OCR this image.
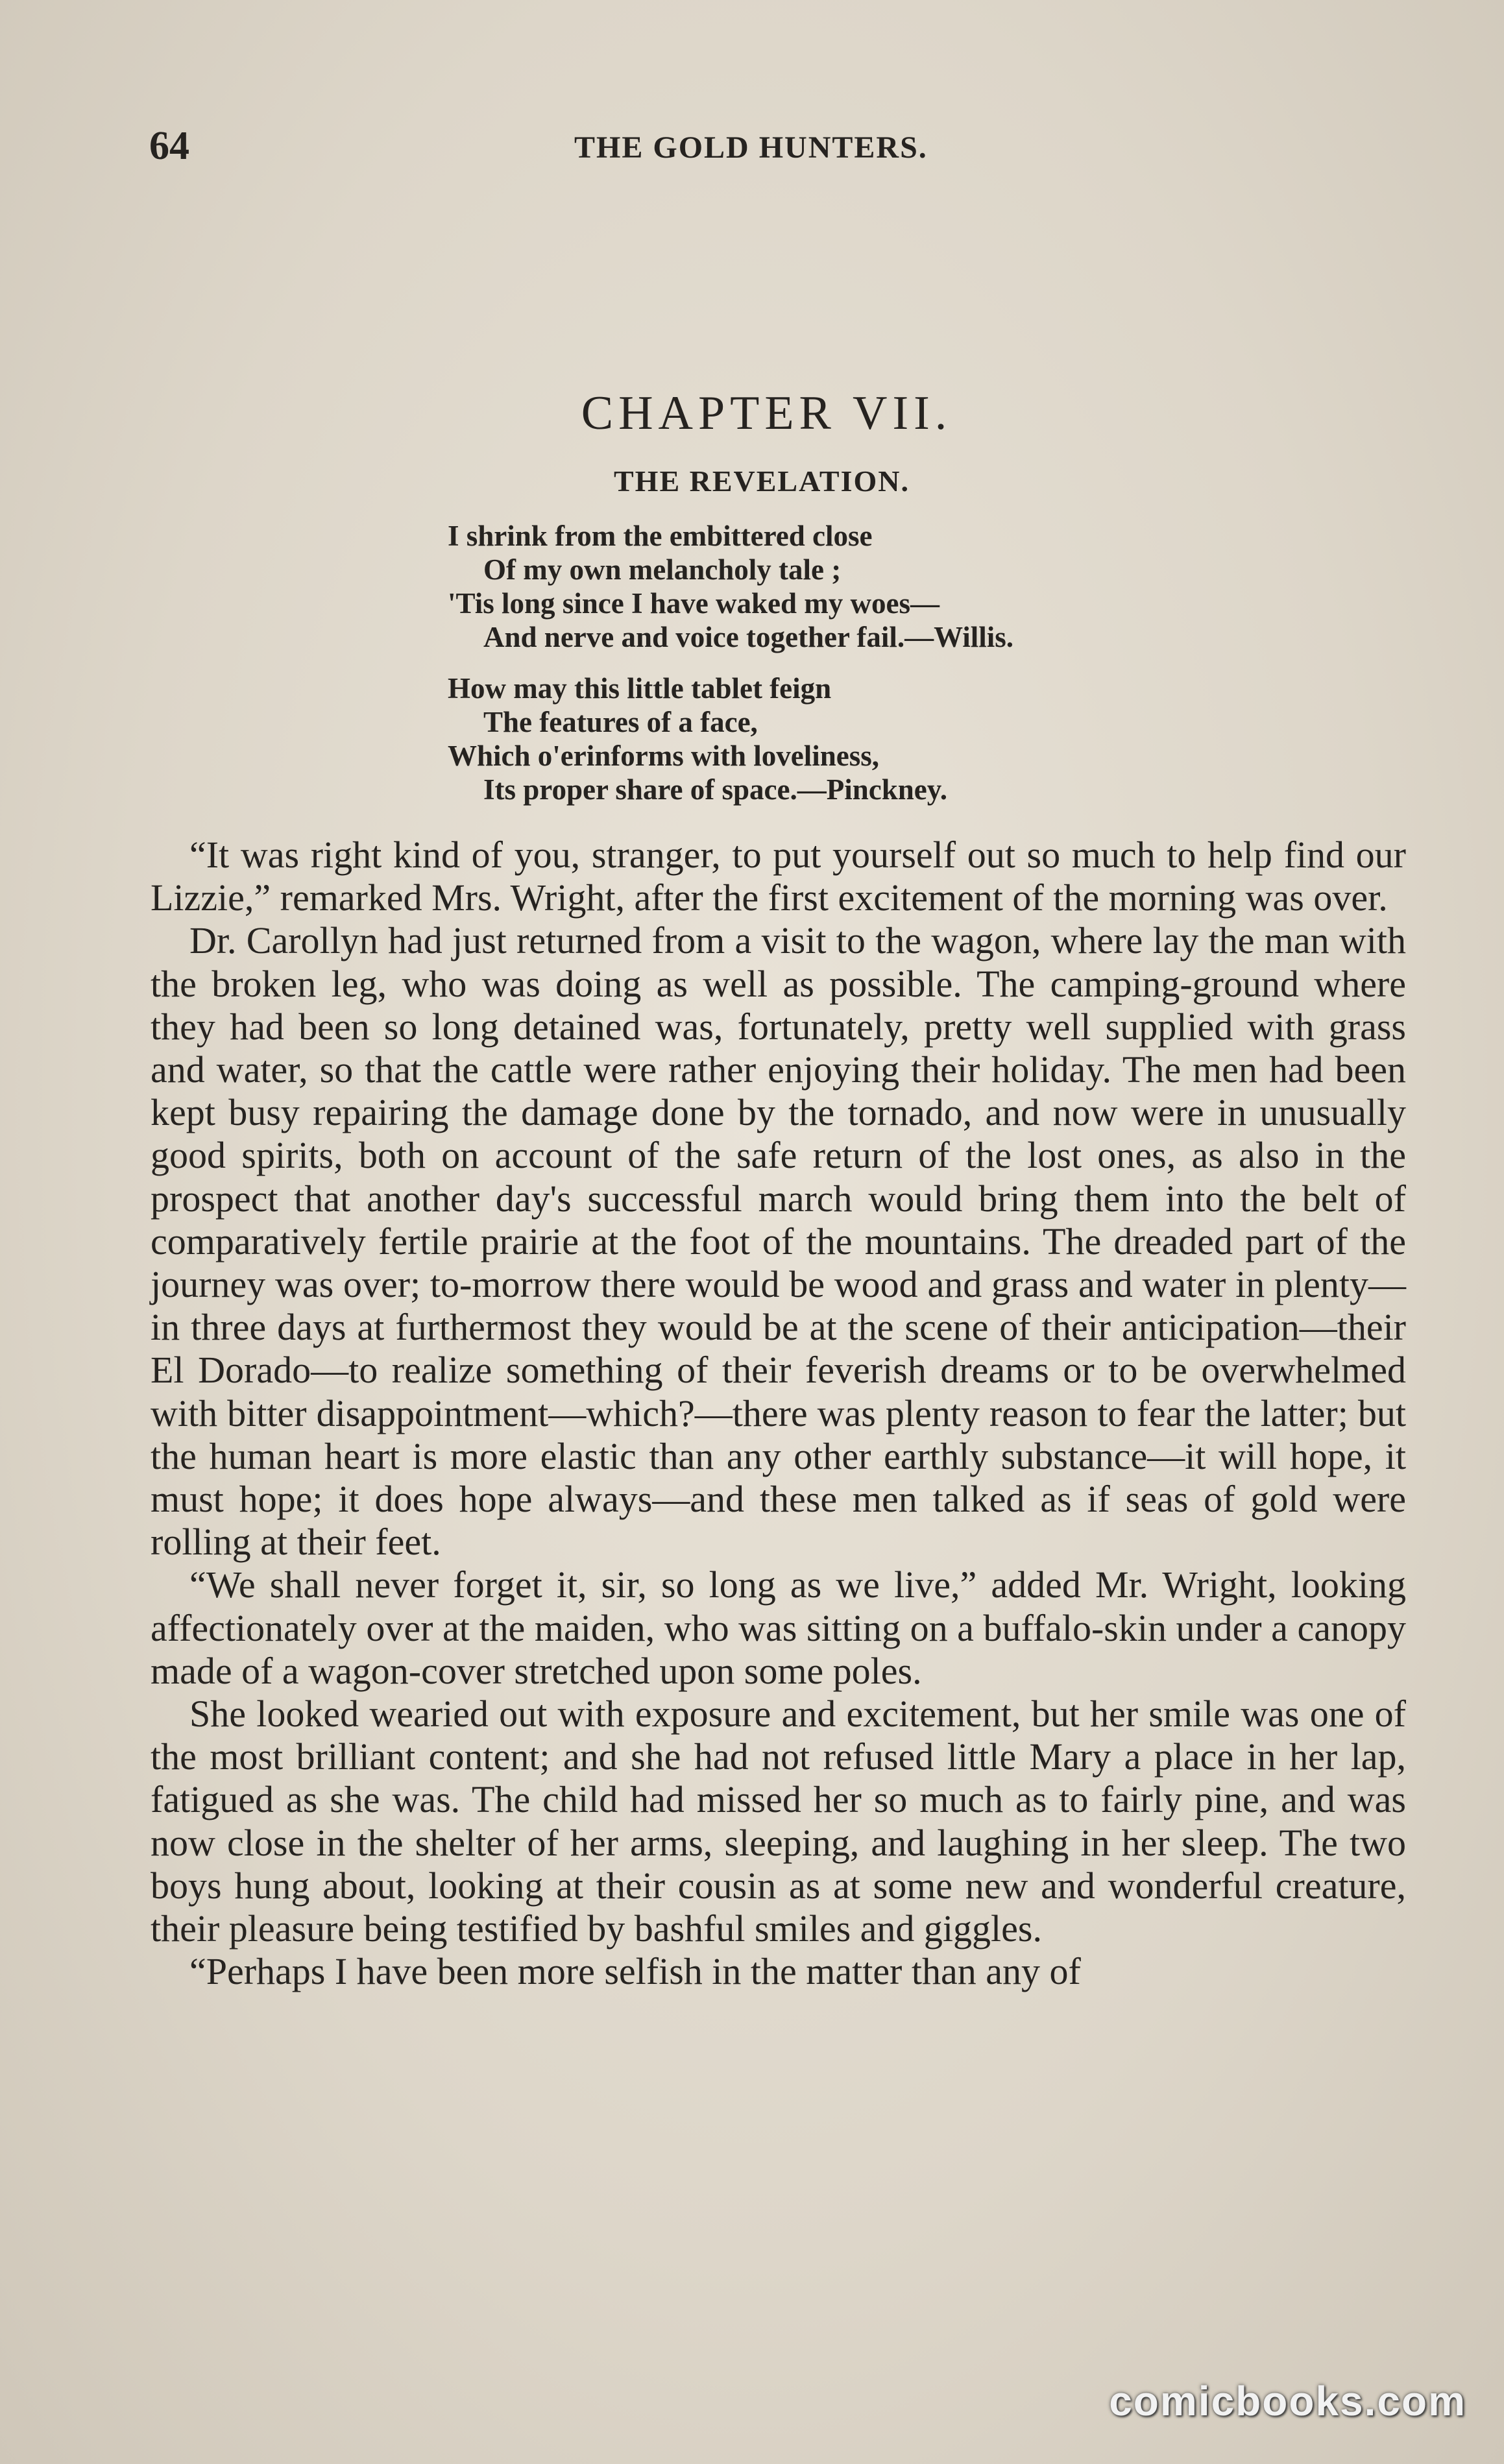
64	THE GOLD HUNTERS.
CHAPTER VII.
THE REVELATION.
I shrink from the embittered close
Of my own melancholy tale ;
'Tis long since I have waked my woes—
And nerve and voice together fail.—Willis.
How may this little tablet feign
The features of a face,
Which o'erinforms with loveliness,
Its proper share of space.—Pinckney.

“It was right kind of you, stranger, to put yourself out so much to help find our Lizzie,” remarked Mrs. Wright, after the first excitement of the morning was over.

Dr. Carollyn had just returned from a visit to the wagon, where lay the man with the broken leg, who was doing as well as possible. The camping-ground where they had been so long detained was, fortunately, pretty well supplied with grass and water, so that the cattle were rather enjoying their holiday. The men had been kept busy repairing the damage done by the tornado, and now were in unusually good spirits, both on account of the safe return of the lost ones, as also in the prospect that another day's successful march would bring them into the belt of comparatively fertile prairie at the foot of the mountains. The dreaded part of the journey was over; to-morrow there would be wood and grass and water in plenty—in three days at furthermost they would be at the scene of their anticipation—their El Dorado—to realize something of their feverish dreams or to be overwhelmed with bitter disappointment—which?—there was plenty reason to fear the latter; but the human heart is more elastic than any other earthly substance—it will hope, it must hope; it does hope always—and these men talked as if seas of gold were rolling at their feet.

“We shall never forget it, sir, so long as we live,” added Mr. Wright, looking affectionately over at the maiden, who was sitting on a buffalo-skin under a canopy made of a wagon-cover stretched upon some poles.

She looked wearied out with exposure and excitement, but her smile was one of the most brilliant content; and she had not refused little Mary a place in her lap, fatigued as she was. The child had missed her so much as to fairly pine, and was now close in the shelter of her arms, sleeping, and laughing in her sleep. The two boys hung about, looking at their cousin as at some new and wonderful creature, their pleasure being testified by bashful smiles and giggles.

“Perhaps I have been more selfish in the matter than any of

comicbooks.com
